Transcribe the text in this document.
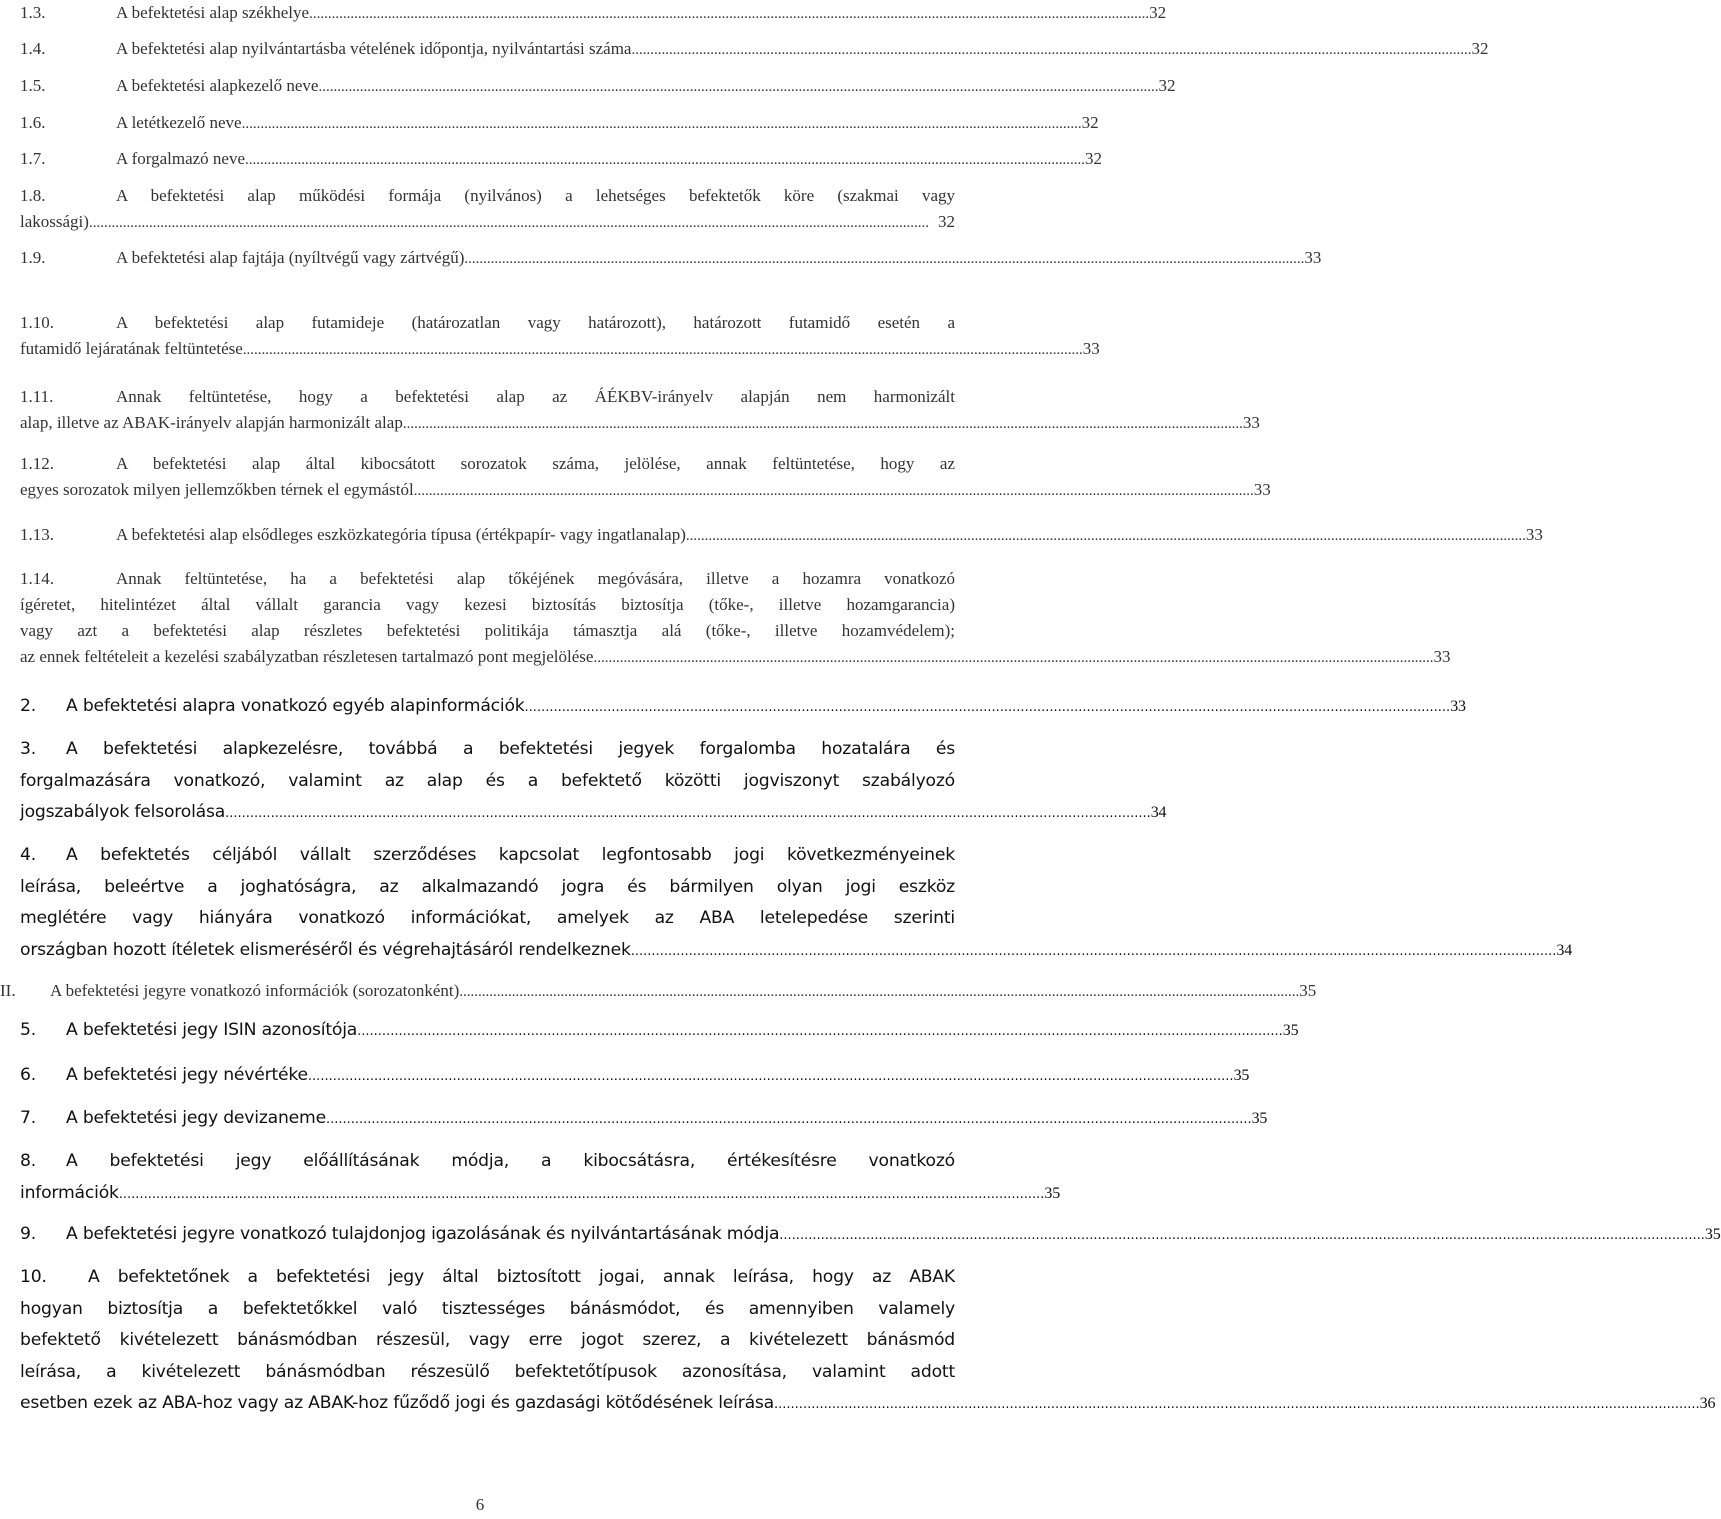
1.3.	A befektetési alap székhelye .....	32
1.4.	A befektetési alap nyilvántartásba vételének időpontja, nyilvántartási száma .....	32
1.5.	A befektetési alapkezelő neve .....	32
1.6.	A letétkezelő neve .....	32
1.7.	A forgalmazó neve .....	32
1.8.	A befektetési alap működési formája (nyilvános) a lehetséges befektetők köre (szakmai vagy
lakossági) .....	32
1.9.	A befektetési alap fajtája (nyíltvégű vagy zártvégű) .....	33
1.10.	A befektetési alap futamideje (határozatlan vagy határozott), határozott futamidő esetén a
futamidő lejáratának feltüntetése .....	33
1.11.	Annak feltüntetése, hogy a befektetési alap az ÁÉKBV-irányelv alapján nem harmonizált
alap, illetve az ABAK-irányelv alapján harmonizált alap .....	33
1.12.	A befektetési alap által kibocsátott sorozatok száma, jelölése, annak feltüntetése, hogy az
egyes sorozatok milyen jellemzőkben térnek el egymástól .....	33
1.13.	A befektetési alap elsődleges eszközkategória típusa (értékpapír- vagy ingatlanalap) .....	33
1.14.	Annak feltüntetése, ha a befektetési alap tőkéjének megóvására, illetve a hozamra vonatkozó
ígéretet, hitelintézet által vállalt garancia vagy kezesi biztosítás biztosítja (tőke-, illetve hozamgarancia)
vagy azt a befektetési alap részletes befektetési politikája támasztja alá (tőke-, illetve hozamvédelem);
az ennek feltételeit a kezelési szabályzatban részletesen tartalmazó pont megjelölése .....	33
2. A befektetési alapra vonatkozó egyéb alapinformációk .....	33
3. A befektetési alapkezelésre, továbbá a befektetési jegyek forgalomba hozatalára és
forgalmazására vonatkozó, valamint az alap és a befektető közötti jogviszonyt szabályozó
jogszabályok felsorolása .....	34
4. A befektetés céljából vállalt szerződéses kapcsolat legfontosabb jogi következményeinek
leírása, beleértve a joghatóságra, az alkalmazandó jogra és bármilyen olyan jogi eszköz
meglétére vagy hiányára vonatkozó információkat, amelyek az ABA letelepedése szerinti
országban hozott ítéletek elismeréséről és végrehajtásáról rendelkeznek .....	34
II. A befektetési jegyre vonatkozó információk (sorozatonként) .....	35
5. A befektetési jegy ISIN azonosítója .....	35
6. A befektetési jegy névértéke .....	35
7. A befektetési jegy devizaneme .....	35
8. A befektetési jegy előállításának módja, a kibocsátásra, értékesítésre vonatkozó
információk .....	35
9. A befektetési jegyre vonatkozó tulajdonjog igazolásának és nyilvántartásának módja .....	35
10. A befektetőnek a befektetési jegy által biztosított jogai, annak leírása, hogy az ABAK
hogyan biztosítja a befektetőkkel való tisztességes bánásmódot, és amennyiben valamely
befektető kivételezett bánásmódban részesül, vagy erre jogot szerez, a kivételezett bánásmód
leírása, a kivételezett bánásmódban részesülő befektetőtípusok azonosítása, valamint adott
esetben ezek az ABA-hoz vagy az ABAK-hoz fűződő jogi és gazdasági kötődésének leírása .....	36
6
